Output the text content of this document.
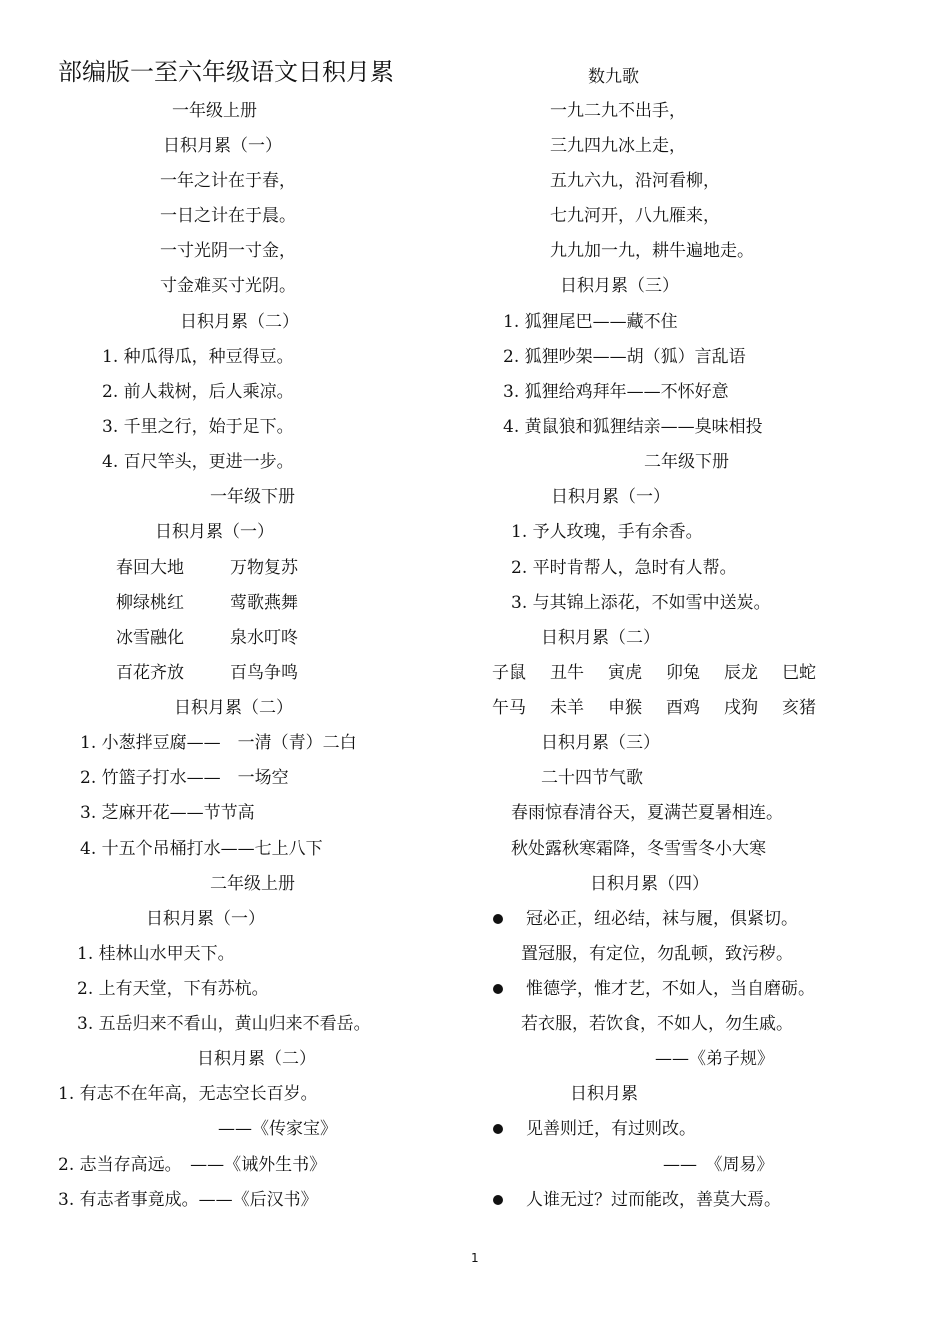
部编版一至六年级语文日积月累
一年级上册
日积月累（一）
一年之计在于春，
一日之计在于晨。
一寸光阴一寸金，
寸金难买寸光阴。
日积月累（二）
1. 种瓜得瓜，种豆得豆。
2. 前人栽树，后人乘凉。
3. 千里之行，始于足下。
4. 百尺竿头，更进一步。
一年级下册
日积月累（一）
春回大地	万物复苏
柳绿桃红	莺歌燕舞
冰雪融化	泉水叮咚
百花齐放	百鸟争鸣
日积月累（二）
1. 小葱拌豆腐——　一清（青）二白
2. 竹篮子打水——　一场空
3. 芝麻开花——节节高
4. 十五个吊桶打水——七上八下
二年级上册
日积月累（一）
1. 桂林山水甲天下。
2. 上有天堂，下有苏杭。
3. 五岳归来不看山，黄山归来不看岳。
日积月累（二）
1. 有志不在年高，无志空长百岁。
——《传家宝》
2. 志当存高远。　——《诫外生书》
3. 有志者事竟成。——《后汉书》
数九歌
一九二九不出手，
三九四九冰上走，
五九六九，沿河看柳，
七九河开，八九雁来，
九九加一九，耕牛遍地走。
日积月累（三）
1. 狐狸尾巴——藏不住
2. 狐狸吵架——胡（狐）言乱语
3. 狐狸给鸡拜年——不怀好意
4. 黄鼠狼和狐狸结亲——臭味相投
二年级下册
日积月累（一）
1. 予人玫瑰，手有余香。
2. 平时肯帮人，急时有人帮。
3. 与其锦上添花，不如雪中送炭。
日积月累（二）
子鼠 丑牛 寅虎 卯兔 辰龙 巳蛇
午马 未羊 申猴 酉鸡 戌狗 亥猪
日积月累（三）
二十四节气歌
春雨惊春清谷天，夏满芒夏暑相连。
秋处露秋寒霜降，冬雪雪冬小大寒
日积月累（四）
冠必正，纽必结，袜与履，俱紧切。
置冠服，有定位，勿乱顿，致污秽。
惟德学，惟才艺，不如人，当自磨砺。
若衣服，若饮食，不如人，勿生戚。
——《弟子规》
日积月累
见善则迁，有过则改。
——　《周易》
人谁无过？过而能改，善莫大焉。
1
